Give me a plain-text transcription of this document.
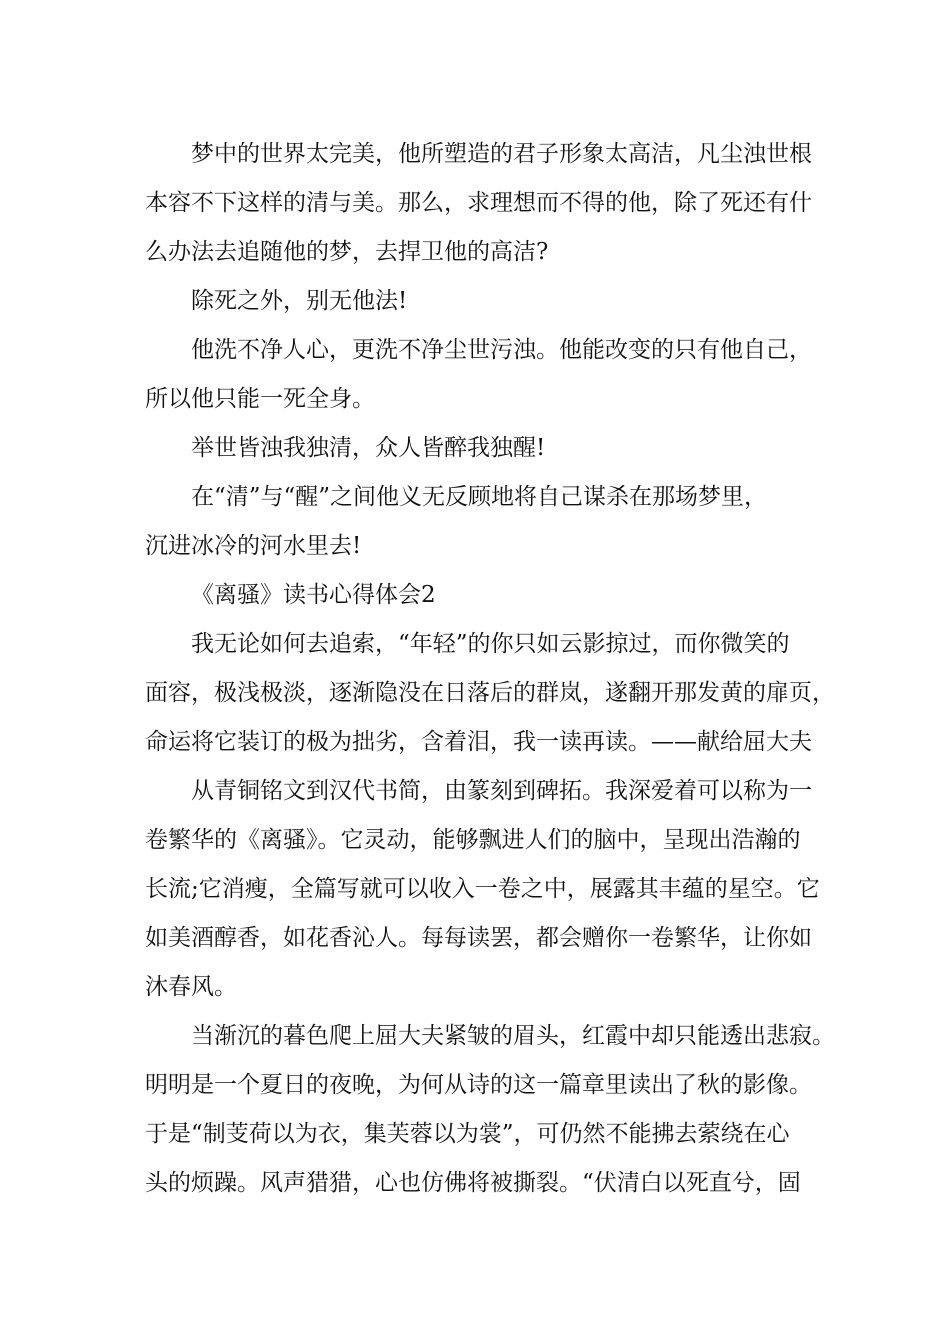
梦中的世界太完美，他所塑造的君子形象太高洁，凡尘浊世根
本容不下这样的清与美。那么，求理想而不得的他，除了死还有什
么办法去追随他的梦，去捍卫他的高洁?

除死之外，别无他法!

他洗不净人心，更洗不净尘世污浊。他能改变的只有他自己，
所以他只能一死全身。

举世皆浊我独清，众人皆醉我独醒!

在“清”与“醒”之间他义无反顾地将自己谋杀在那场梦里，
沉进冰冷的河水里去!

《离骚》读书心得体会2

我无论如何去追索，“年轻”的你只如云影掠过，而你微笑的
面容，极浅极淡，逐渐隐没在日落后的群岚，遂翻开那发黄的扉页，
命运将它装订的极为拙劣，含着泪，我一读再读。——献给屈大夫

从青铜铭文到汉代书简，由篆刻到碑拓。我深爱着可以称为一
卷繁华的《离骚》。它灵动，能够飘进人们的脑中，呈现出浩瀚的
长流;它消瘦，全篇写就可以收入一卷之中，展露其丰蕴的星空。它
如美酒醇香，如花香沁人。每每读罢，都会赠你一卷繁华，让你如
沐春风。

当渐沉的暮色爬上屈大夫紧皱的眉头，红霞中却只能透出悲寂。
明明是一个夏日的夜晚，为何从诗的这一篇章里读出了秋的影像。
于是“制芰荷以为衣，集芙蓉以为裳”，可仍然不能拂去萦绕在心
头的烦躁。风声猎猎，心也仿佛将被撕裂。“伏清白以死直兮，固
